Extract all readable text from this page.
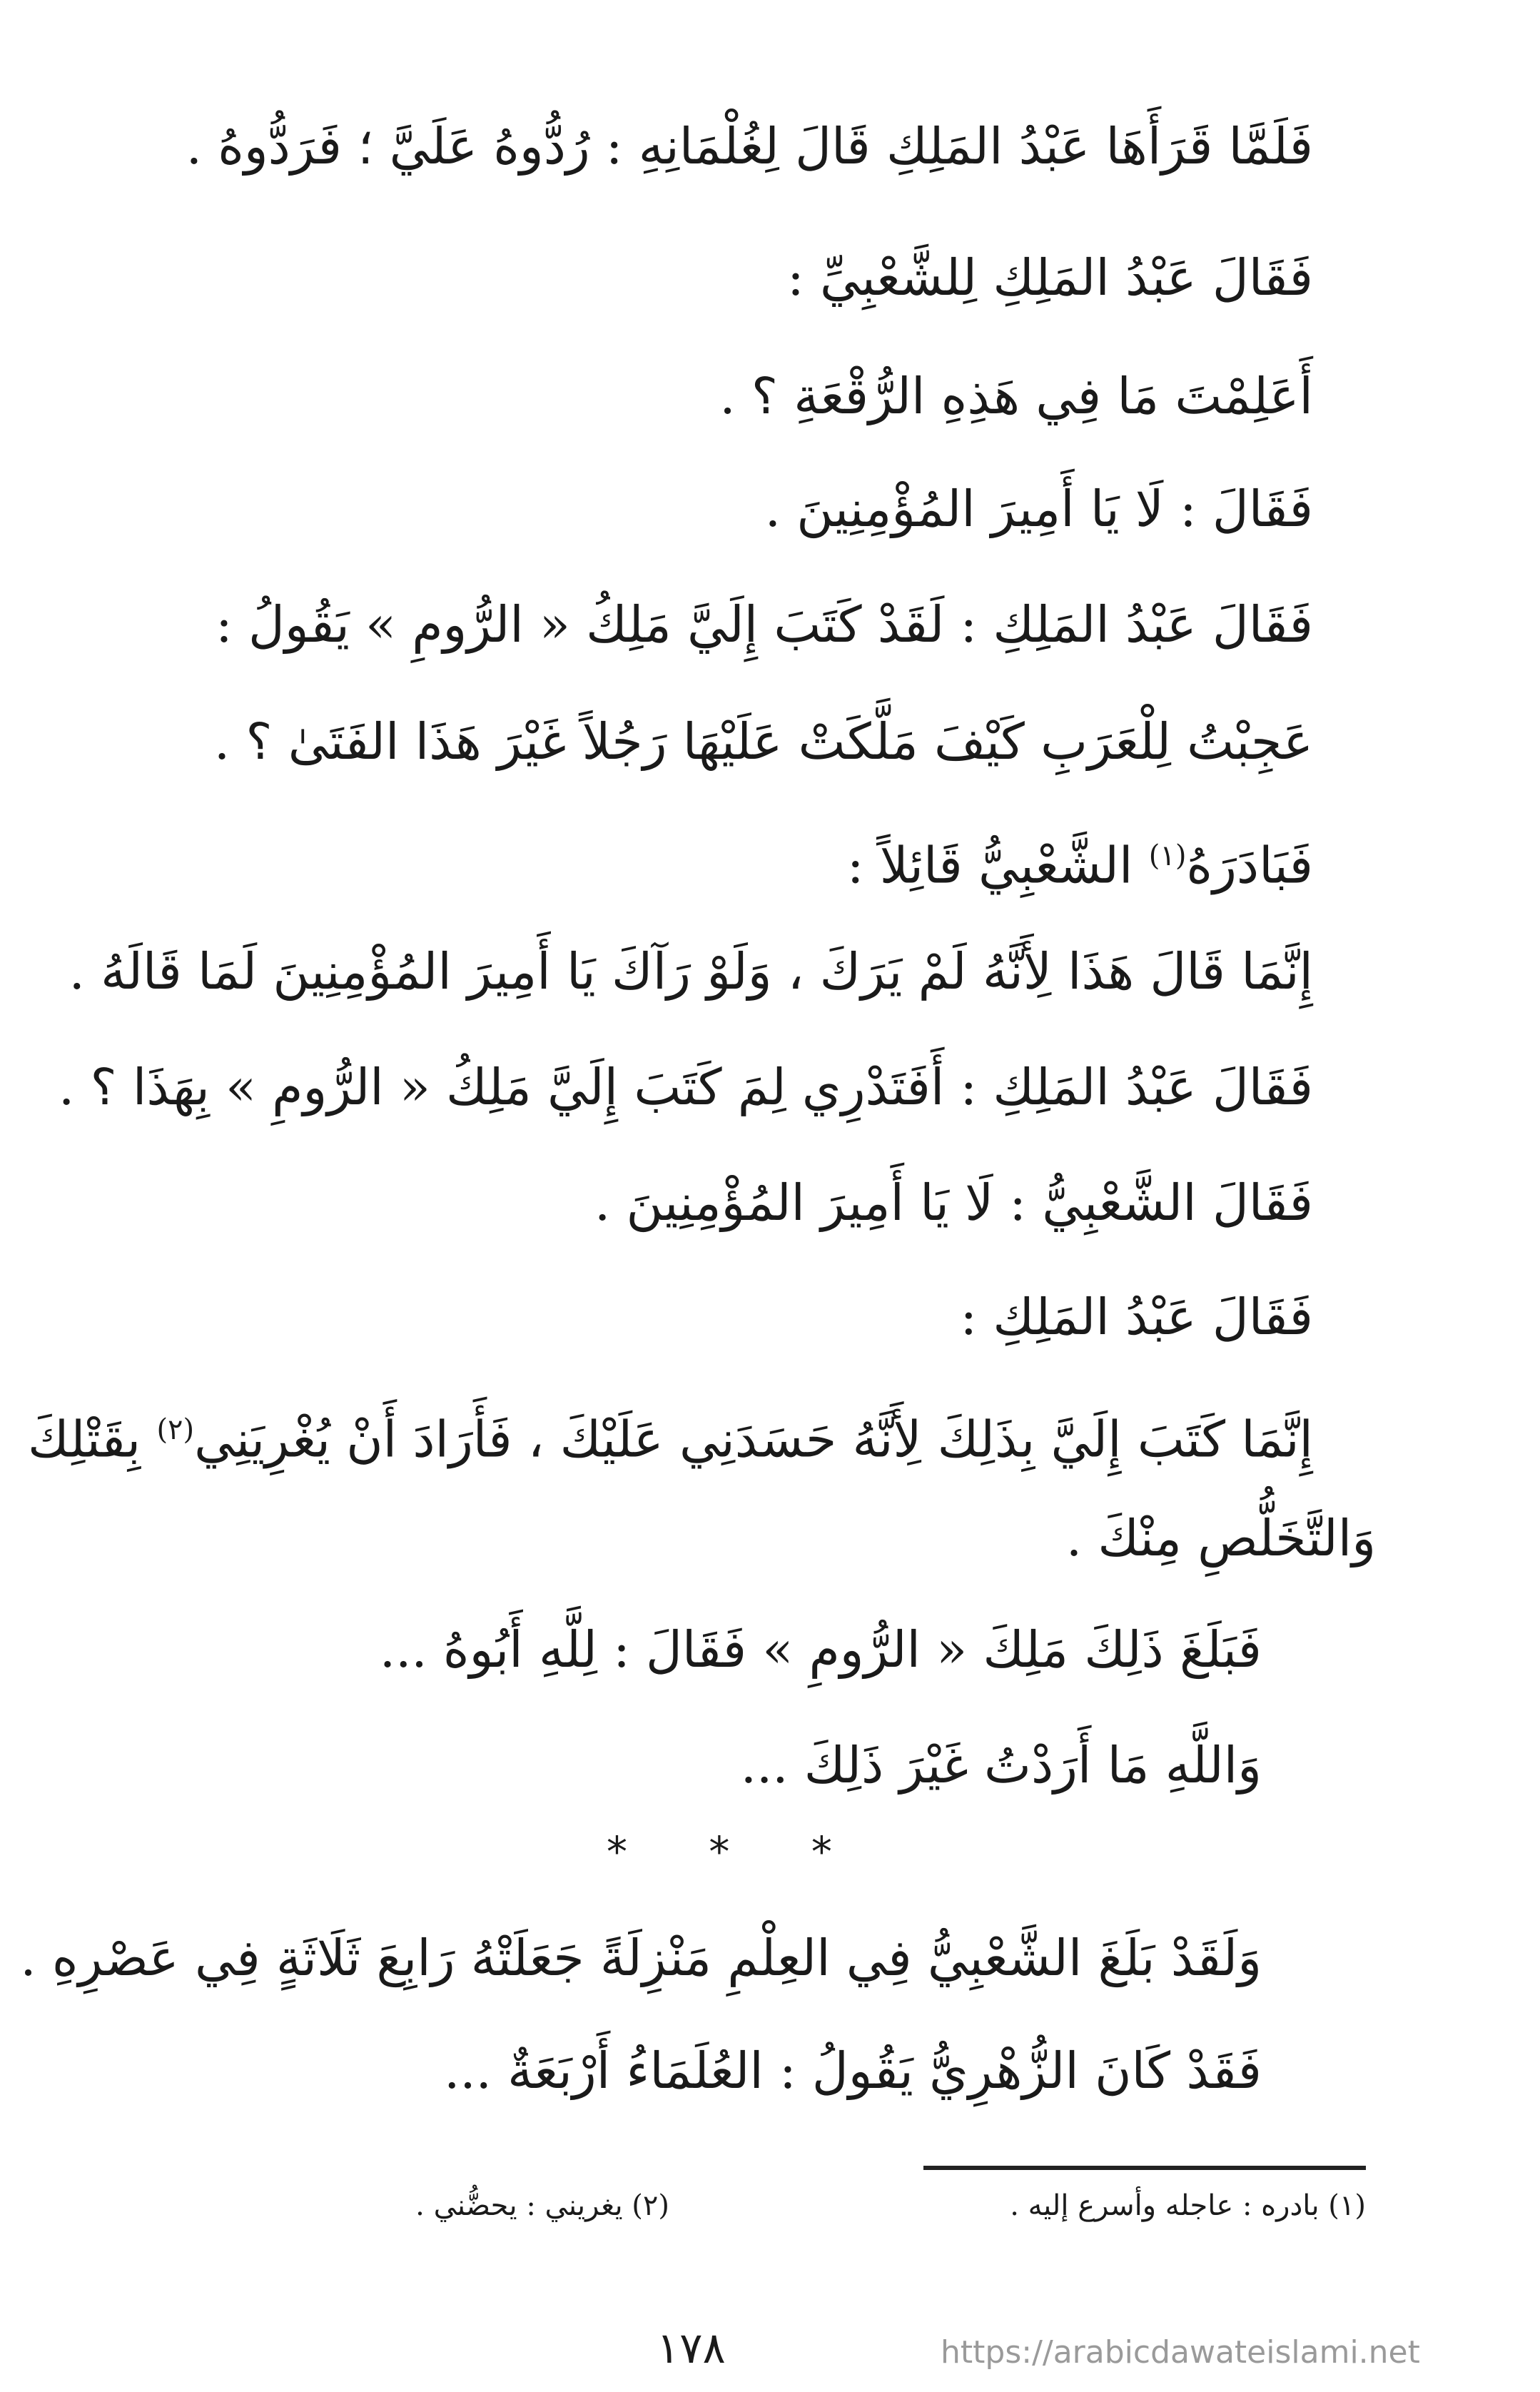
فَلَمَّا قَرَأَهَا عَبْدُ المَلِكِ قَالَ لِغُلْمَانِهِ : رُدُّوهُ عَلَيَّ ؛ فَرَدُّوهُ .
فَقَالَ عَبْدُ المَلِكِ لِلشَّعْبِيِّ :
أَعَلِمْتَ مَا فِي هَذِهِ الرُّقْعَةِ ؟ .
فَقَالَ : لَا يَا أَمِيرَ المُؤْمِنِينَ .
فَقَالَ عَبْدُ المَلِكِ : لَقَدْ كَتَبَ إِلَيَّ مَلِكُ « الرُّومِ » يَقُولُ :
عَجِبْتُ لِلْعَرَبِ كَيْفَ مَلَّكَتْ عَلَيْهَا رَجُلاً غَيْرَ هَذَا الفَتَىٰ ؟ .
فَبَادَرَهُ$^{(١)}$ الشَّعْبِيُّ قَائِلاً :
إِنَّمَا قَالَ هَذَا لِأَنَّهُ لَمْ يَرَكَ ، وَلَوْ رَآكَ يَا أَمِيرَ المُؤْمِنِينَ لَمَا قَالَهُ .
فَقَالَ عَبْدُ المَلِكِ : أَفَتَدْرِي لِمَ كَتَبَ إِلَيَّ مَلِكُ « الرُّومِ » بِهَذَا ؟ .
فَقَالَ الشَّعْبِيُّ : لَا يَا أَمِيرَ المُؤْمِنِينَ .
فَقَالَ عَبْدُ المَلِكِ :
إِنَّمَا كَتَبَ إِلَيَّ بِذَلِكَ لِأَنَّهُ حَسَدَنِي عَلَيْكَ ، فَأَرَادَ أَنْ يُغْرِيَنِي$^{(٢)}$ بِقَتْلِكَ
وَالتَّخَلُّصِ مِنْكَ .
فَبَلَغَ ذَلِكَ مَلِكَ « الرُّومِ » فَقَالَ : لِلَّهِ أَبُوهُ ...
وَاللَّهِ مَا أَرَدْتُ غَيْرَ ذَلِكَ ...
* * *
وَلَقَدْ بَلَغَ الشَّعْبِيُّ فِي العِلْمِ مَنْزِلَةً جَعَلَتْهُ رَابِعَ ثَلَاثَةٍ فِي عَصْرِهِ .
فَقَدْ كَانَ الزُّهْرِيُّ يَقُولُ : العُلَمَاءُ أَرْبَعَةٌ ...
(١) بادره : عاجله وأسرع إليه .
(٢) يغريني : يحضُّني .
١٧٨	https://arabicdawateislami.net
